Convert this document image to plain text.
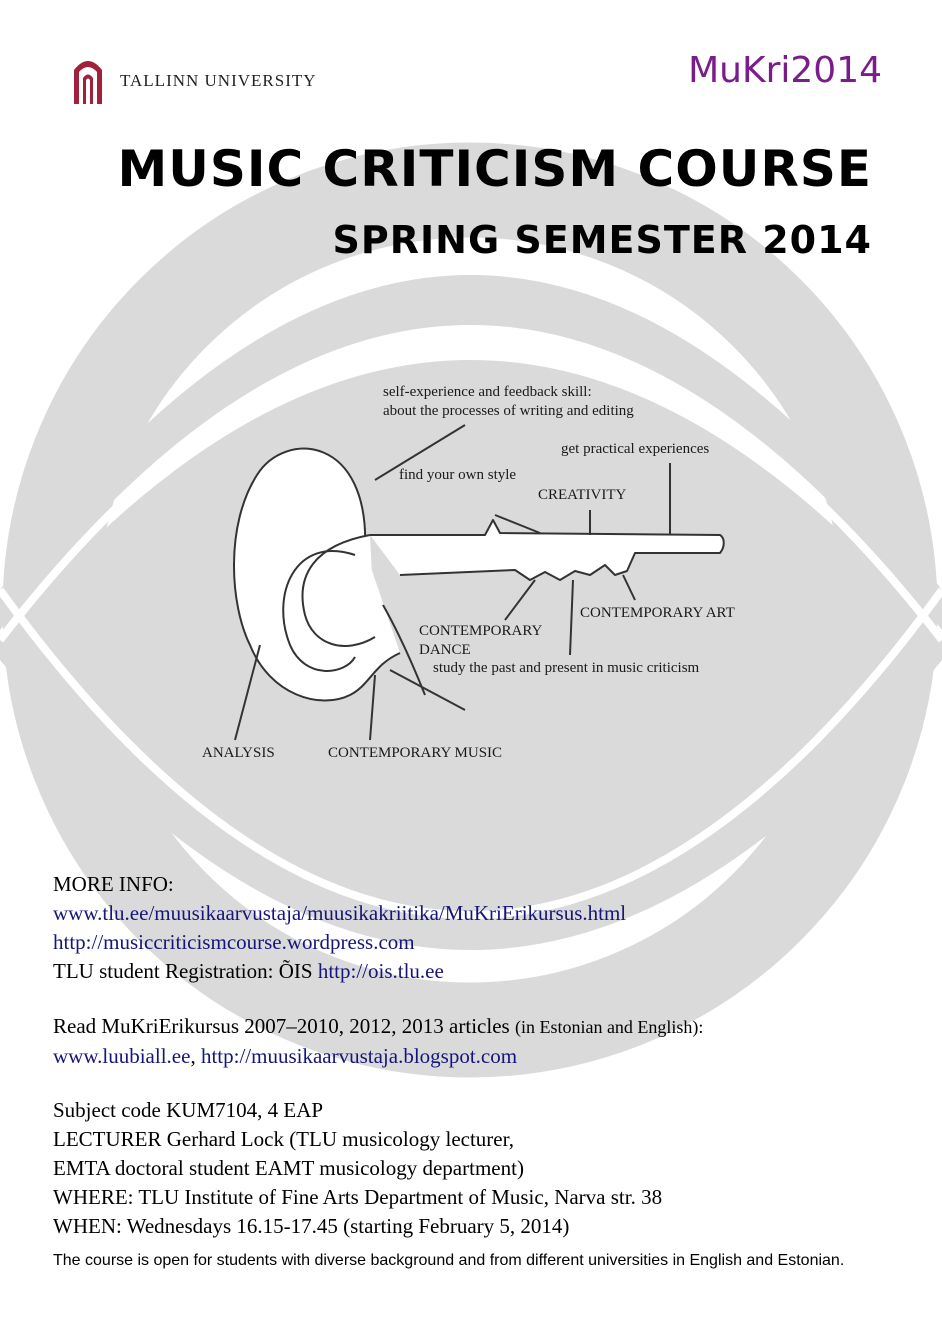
TALLINN UNIVERSITY	MuKri2014
MUSIC CRITICISM COURSE
SPRING SEMESTER 2014
self-experience and feedback skill:
about the processes of writing and editing
get practical experiences
find your own style
CREATIVITY
CONTEMPORARY ART
CONTEMPORARY
DANCE
study the past and present in music criticism
ANALYSIS	CONTEMPORARY MUSIC

MORE INFO:

www.tlu.ee/muusikaarvustaja/muusikakriitika/MuKriErikursus.html

http://musiccriticismcourse.wordpress.com

TLU student Registration: ÕIS http://ois.tlu.ee

Read MuKriErikursus 2007–2010, 2012, 2013 articles (in Estonian and English):

www.luubiall.ee, http://muusikaarvustaja.blogspot.com

Subject code KUM7104, 4 EAP

LECTURER Gerhard Lock (TLU musicology lecturer,

EMTA doctoral student EAMT musicology department)

WHERE: TLU Institute of Fine Arts Department of Music, Narva str. 38

WHEN: Wednesdays 16.15-17.45 (starting February 5, 2014)

The course is open for students with diverse background and from different universities in English and Estonian.
